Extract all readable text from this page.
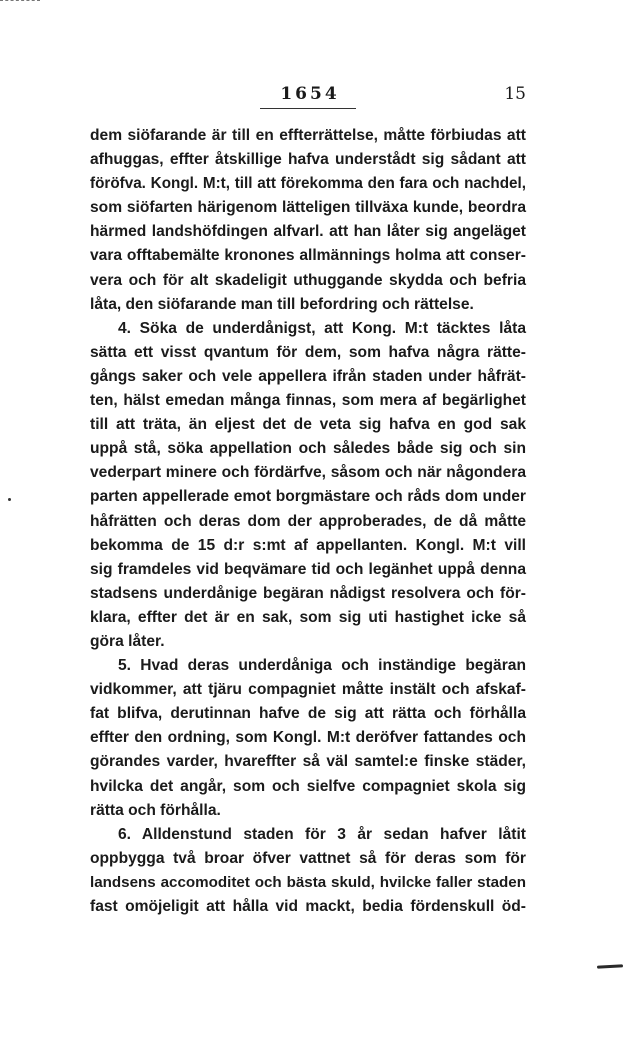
1654	15
dem siöfarande är till en effterrättelse, måtte förbiudas att
afhuggas, effter åtskillige hafva understådt sig sådant att
föröfva. Kongl. M:t, till att förekomma den fara och nachdel,
som siöfarten härigenom lätteligen tillväxa kunde, beordra
härmed landshöfdingen alfvarl. att han låter sig angeläget
vara offtabemälte kronones allmännings holma att conser-
vera och för alt skadeligit uthuggande skydda och befria
låta, den siöfarande man till befordring och rättelse.
4. Söka de underdånigst, att Kong. M:t täcktes låta
sätta ett visst qvantum för dem, som hafva några rätte-
gångs saker och vele appellera ifrån staden under håfrät-
ten, hälst emedan många finnas, som mera af begärlighet
till att träta, än eljest det de veta sig hafva en god sak
uppå stå, söka appellation och således både sig och sin
vederpart minere och fördärfve, såsom och när någondera
parten appellerade emot borgmästare och råds dom under
håfrätten och deras dom der approberades, de då måtte
bekomma de 15 d:r s:mt af appellanten. Kongl. M:t vill
sig framdeles vid beqvämare tid och legänhet uppå denna
stadsens underdånige begäran nådigst resolvera och för-
klara, effter det är en sak, som sig uti hastighet icke så
göra låter.
5. Hvad deras underdåniga och inständige begäran
vidkommer, att tjäru compagniet måtte instält och afskaf-
fat blifva, derutinnan hafve de sig att rätta och förhålla
effter den ordning, som Kongl. M:t deröfver fattandes och
görandes varder, hvareffter så väl samtel:e finske städer,
hvilcka det angår, som och sielfve compagniet skola sig
rätta och förhålla.
6. Alldenstund staden för 3 år sedan hafver låtit
oppbygga två broar öfver vattnet så för deras som för
landsens accomoditet och bästa skuld, hvilcke faller staden
fast omöjeligit att hålla vid mackt, bedia fördenskull öd-
